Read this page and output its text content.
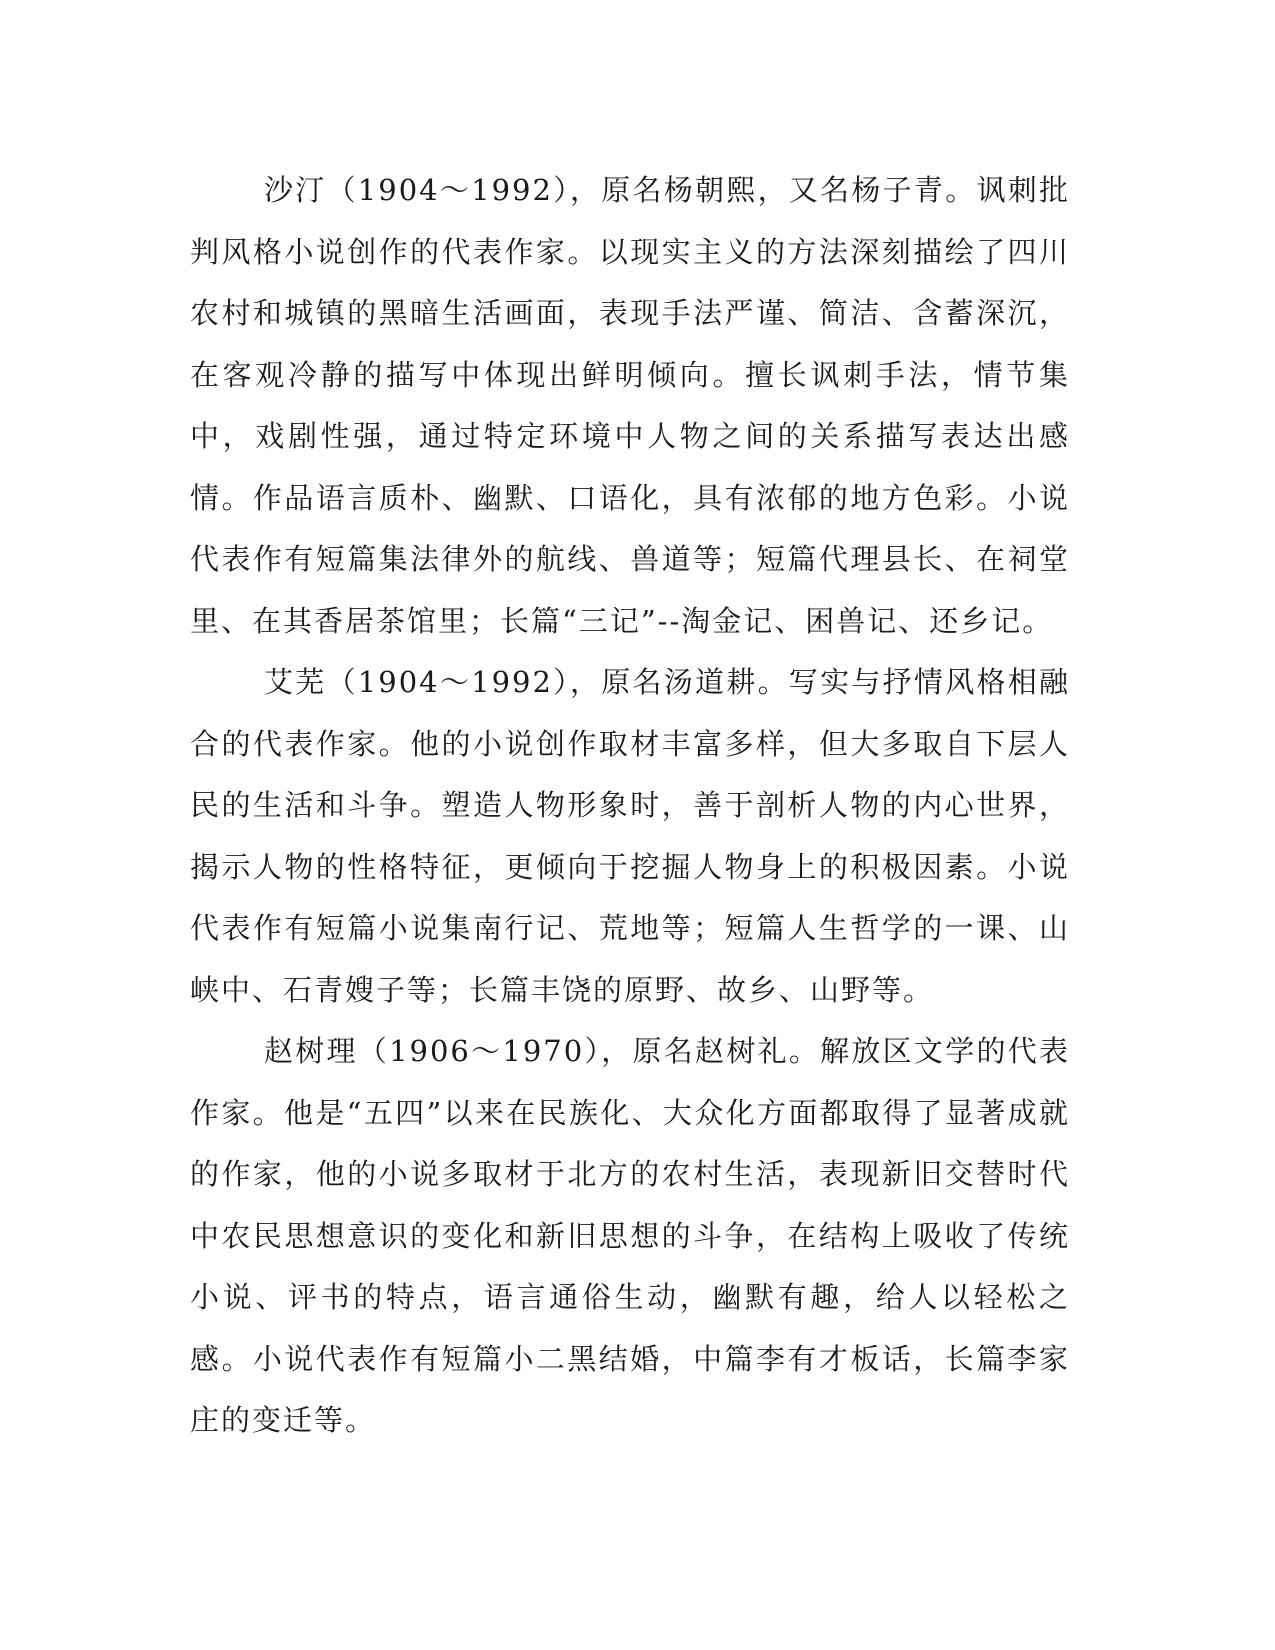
沙汀（1904～1992），原名杨朝熙，又名杨子青。讽刺批判风格小说创作的代表作家。以现实主义的方法深刻描绘了四川农村和城镇的黑暗生活画面，表现手法严谨、简洁、含蓄深沉，在客观冷静的描写中体现出鲜明倾向。擅长讽刺手法，情节集中，戏剧性强，通过特定环境中人物之间的关系描写表达出感情。作品语言质朴、幽默、口语化，具有浓郁的地方色彩。小说代表作有短篇集法律外的航线、兽道等；短篇代理县长、在祠堂里、在其香居茶馆里；长篇“三记”--淘金记、困兽记、还乡记。

艾芜（1904～1992），原名汤道耕。写实与抒情风格相融合的代表作家。他的小说创作取材丰富多样，但大多取自下层人民的生活和斗争。塑造人物形象时，善于剖析人物的内心世界，揭示人物的性格特征，更倾向于挖掘人物身上的积极因素。小说代表作有短篇小说集南行记、荒地等；短篇人生哲学的一课、山峡中、石青嫂子等；长篇丰饶的原野、故乡、山野等。

赵树理（1906～1970），原名赵树礼。解放区文学的代表作家。他是“五四”以来在民族化、大众化方面都取得了显著成就的作家，他的小说多取材于北方的农村生活，表现新旧交替时代中农民思想意识的变化和新旧思想的斗争，在结构上吸收了传统小说、评书的特点，语言通俗生动，幽默有趣，给人以轻松之感。小说代表作有短篇小二黑结婚，中篇李有才板话，长篇李家庄的变迁等。
